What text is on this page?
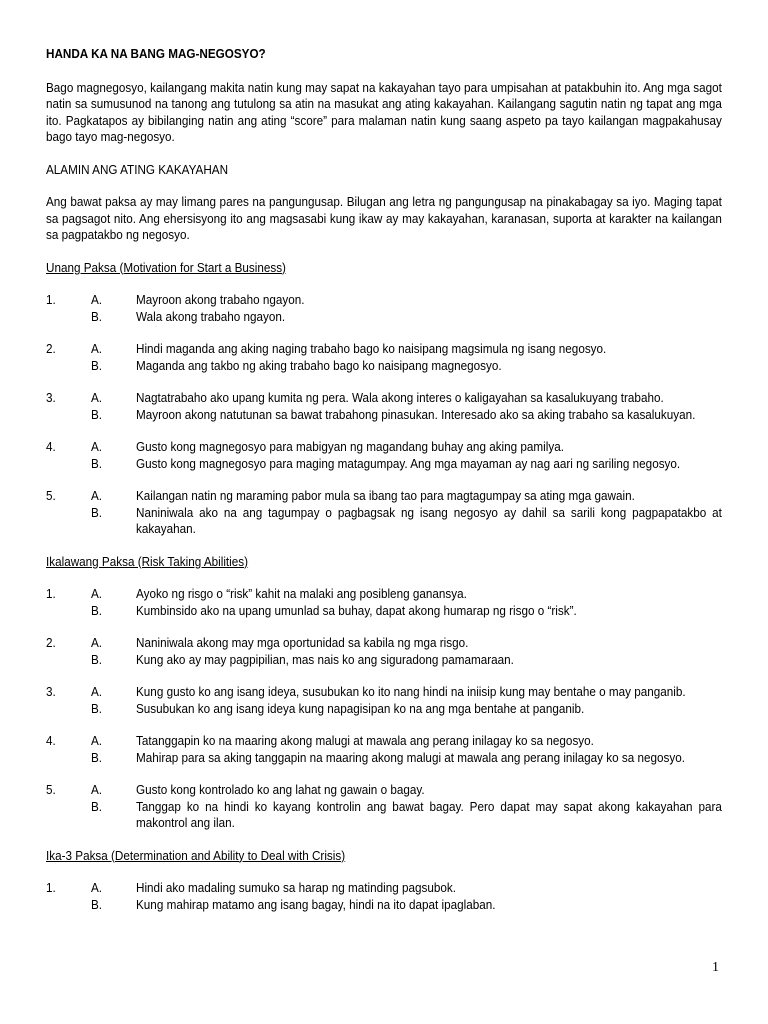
HANDA KA NA BANG MAG-NEGOSYO?
Bago magnegosyo, kailangang makita natin kung may sapat na kakayahan tayo para umpisahan at patakbuhin ito. Ang mga sagot natin sa sumusunod na tanong ang tutulong sa atin na masukat ang ating kakayahan. Kailangang sagutin natin ng tapat ang mga ito. Pagkatapos ay bibilanging natin ang ating “score” para malaman natin kung saang aspeto pa tayo kailangan magpakahusay bago tayo mag-negosyo.
ALAMIN ANG ATING KAKAYAHAN
Ang bawat paksa ay may limang pares na pangungusap. Bilugan ang letra ng pangungusap na pinakabagay sa iyo. Maging tapat sa pagsagot nito. Ang ehersisyong ito ang magsasabi kung ikaw ay may kakayahan, karanasan, suporta at karakter na kailangan sa pagpatakbo ng negosyo.
Unang Paksa (Motivation for Start a Business)
1.	A.	Mayroon akong trabaho ngayon.
B.	Wala akong trabaho ngayon.
2.	A.	Hindi maganda ang aking naging trabaho bago ko naisipang magsimula ng isang negosyo.
B.	Maganda ang takbo ng aking trabaho bago ko naisipang magnegosyo.
3.	A.	Nagtatrabaho ako upang kumita ng pera. Wala akong interes o kaligayahan sa kasalukuyang trabaho.
B.	Mayroon akong natutunan sa bawat trabahong pinasukan. Interesado ako sa aking trabaho sa kasalukuyan.
4.	A.	Gusto kong magnegosyo para mabigyan ng magandang buhay ang aking pamilya.
B.	Gusto kong magnegosyo para maging matagumpay. Ang mga mayaman ay nag aari ng sariling negosyo.
5.	A.	Kailangan natin ng maraming pabor mula sa ibang tao para magtagumpay sa ating mga gawain.
B.	Naniniwala ako na ang tagumpay o pagbagsak ng isang negosyo ay dahil sa sarili kong pagpapatakbo at kakayahan.
Ikalawang Paksa (Risk Taking Abilities)
1.	A.	Ayoko ng risgo o “risk” kahit na malaki ang posibleng ganansya.
B.	Kumbinsido ako na upang umunlad sa buhay, dapat akong humarap ng risgo o “risk”.
2.	A.	Naniniwala akong may mga oportunidad sa kabila ng mga risgo.
B.	Kung ako ay may pagpipilian, mas nais ko ang siguradong pamamaraan.
3.	A.	Kung gusto ko ang isang ideya, susubukan ko ito nang hindi na iniisip kung may bentahe o may panganib.
B.	Susubukan ko ang isang ideya kung napagisipan ko na ang mga bentahe at panganib.
4.	A.	Tatanggapin ko na maaring akong malugi at mawala ang perang inilagay ko sa negosyo.
B.	Mahirap para sa aking tanggapin na maaring akong malugi at mawala ang perang inilagay ko sa negosyo.
5.	A.	Gusto kong kontrolado ko ang lahat ng gawain o bagay.
B.	Tanggap ko na hindi ko kayang kontrolin ang bawat bagay. Pero dapat may sapat akong kakayahan para makontrol ang ilan.
Ika-3 Paksa (Determination and Ability to Deal with Crisis)
1.	A.	Hindi ako madaling sumuko sa harap ng matinding pagsubok.
B.	Kung mahirap matamo ang isang bagay, hindi na ito dapat ipaglaban.
1
